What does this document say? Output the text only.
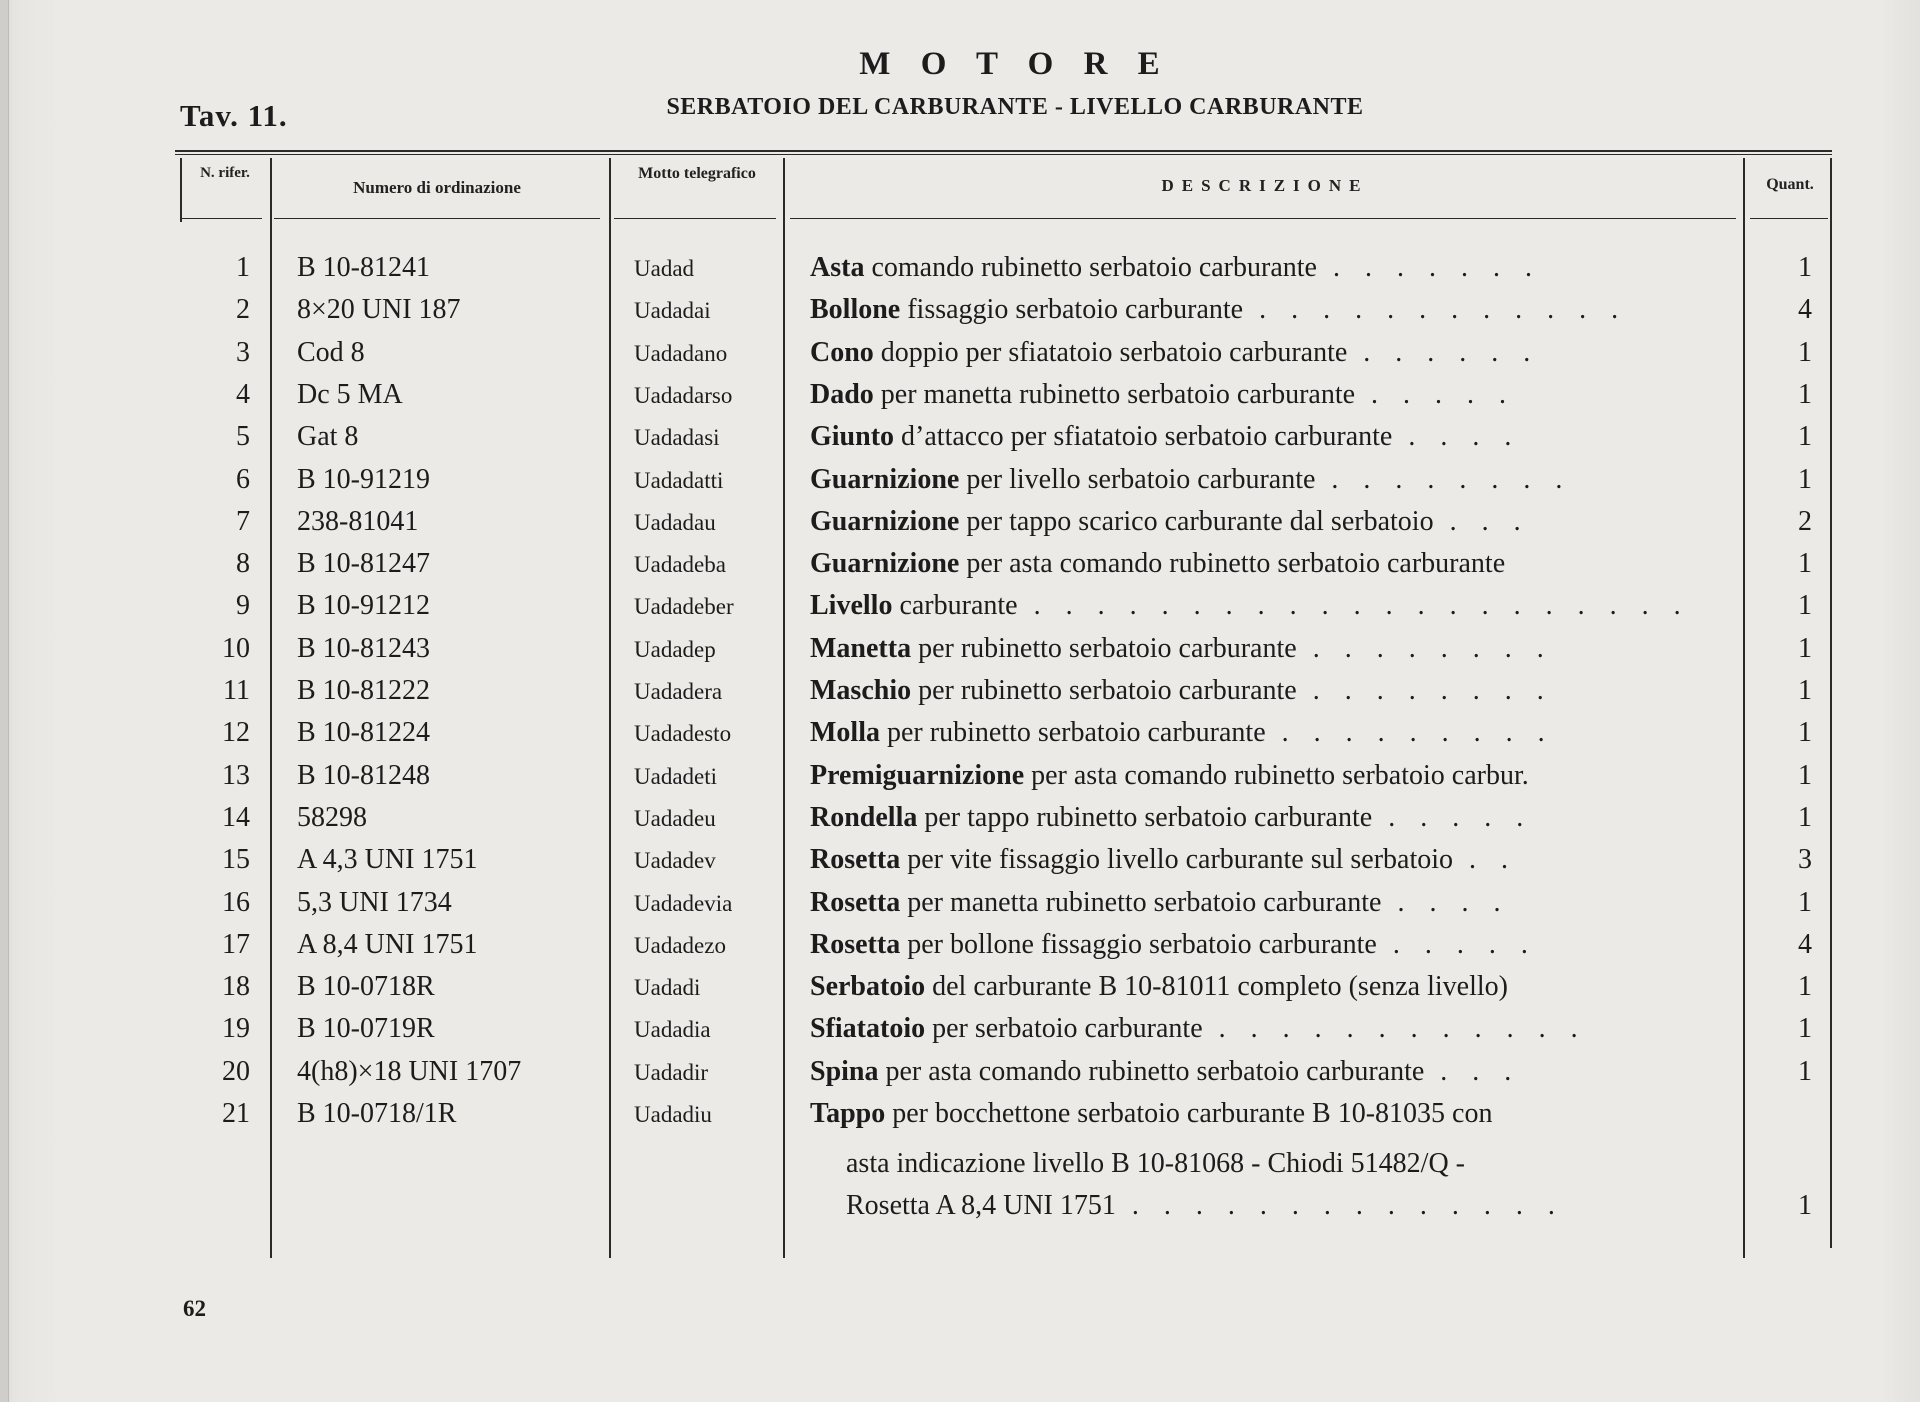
Tav. 11.
M O T O R E
SERBATOIO DEL CARBURANTE - LIVELLO CARBURANTE
N. rifer.
Numero di ordinazione
Motto telegrafico
DESCRIZIONE	Quant.
1 B 10-81241	Uadad	Asta comando rubinetto serbatoio carburante . . . . . . .	1
2 8×20 UNI 187	Uadadai	Bollone fissaggio serbatoio carburante . . . . . . . . . . . .	4
3 Cod 8	Uadadano	Cono doppio per sfiatatoio serbatoio carburante . . . . . .	1
4 Dc 5 MA	Uadadarso	Dado per manetta rubinetto serbatoio carburante . . . . .	1
5 Gat 8	Uadadasi	Giunto d’attacco per sfiatatoio serbatoio carburante . . . .	1
6 B 10-91219	Uadadatti	Guarnizione per livello serbatoio carburante . . . . . . . .	1
7 238-81041	Uadadau	Guarnizione per tappo scarico carburante dal serbatoio . . .	2
8 B 10-81247	Uadadeba	Guarnizione per asta comando rubinetto serbatoio carburante	1
9 B 10-91212	Uadadeber	Livello carburante . . . . . . . . . . . . . . . . . . . . .	1
10 B 10-81243	Uadadep	Manetta per rubinetto serbatoio carburante . . . . . . . .	1
11 B 10-81222	Uadadera	Maschio per rubinetto serbatoio carburante . . . . . . . .	1
12 B 10-81224	Uadadesto	Molla per rubinetto serbatoio carburante . . . . . . . . .	1
13 B 10-81248	Uadadeti	Premiguarnizione per asta comando rubinetto serbatoio carbur.	1
14 58298	Uadadeu	Rondella per tappo rubinetto serbatoio carburante . . . . .	1
15 A 4,3 UNI 1751	Uadadev	Rosetta per vite fissaggio livello carburante sul serbatoio . .	3
16 5,3 UNI 1734	Uadadevia	Rosetta per manetta rubinetto serbatoio carburante . . . .	1
17 A 8,4 UNI 1751	Uadadezo	Rosetta per bollone fissaggio serbatoio carburante . . . . .	4
18 B 10-0718R	Uadadi	Serbatoio del carburante B 10-81011 completo (senza livello)	1
19 B 10-0719R	Uadadia	Sfiatatoio per serbatoio carburante . . . . . . . . . . . .	1
20 4(h8)×18 UNI 1707	Uadadir	Spina per asta comando rubinetto serbatoio carburante . . .	1
21 B 10-0718/1R	Uadadiu	Tappo per bocchettone serbatoio carburante B 10-81035 con
asta indicazione livello B 10-81068 - Chiodi 51482/Q -
Rosetta A 8,4 UNI 1751 . . . . . . . . . . . . . .	1
62
